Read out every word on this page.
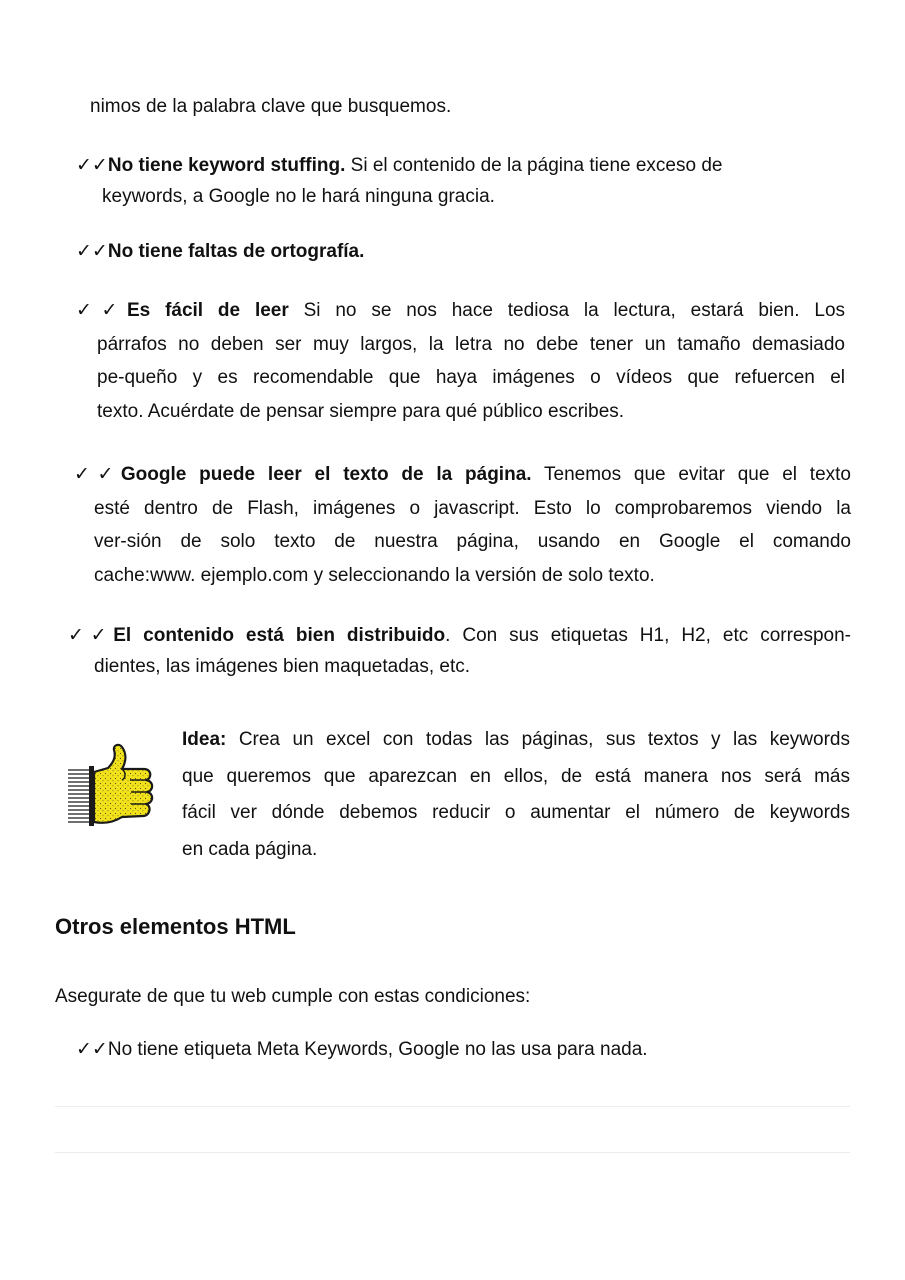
nimos de la palabra clave que busquemos.
✓✓No tiene keyword stuffing. Si el contenido de la página tiene exceso de
keywords, a Google no le hará ninguna gracia.
✓✓No tiene faltas de ortografía.
✓✓Es fácil de leer Si no se nos hace tediosa la lectura, estará bien. Los
párrafos no deben ser muy largos, la letra no debe tener un tamaño demasiado
pe-queño y es recomendable que haya imágenes o vídeos que refuercen el
texto. Acuérdate de pensar siempre para qué público escribes.
✓✓Google puede leer el texto de la página. Tenemos que evitar que el texto
esté dentro de Flash, imágenes o javascript. Esto lo comprobaremos viendo la
ver-sión de solo texto de nuestra página, usando en Google el comando
cache:www. ejemplo.com y seleccionando la versión de solo texto.
✓✓El contenido está bien distribuido. Con sus etiquetas H1, H2, etc correspon-
dientes, las imágenes bien maquetadas, etc.
Idea: Crea un excel con todas las páginas, sus textos y las keywords
que queremos que aparezcan en ellos, de está manera nos será más
fácil ver dónde debemos reducir o aumentar el número de keywords
en cada página.
Otros elementos HTML
Asegurate de que tu web cumple con estas condiciones:
✓✓No tiene etiqueta Meta Keywords, Google no las usa para nada.
